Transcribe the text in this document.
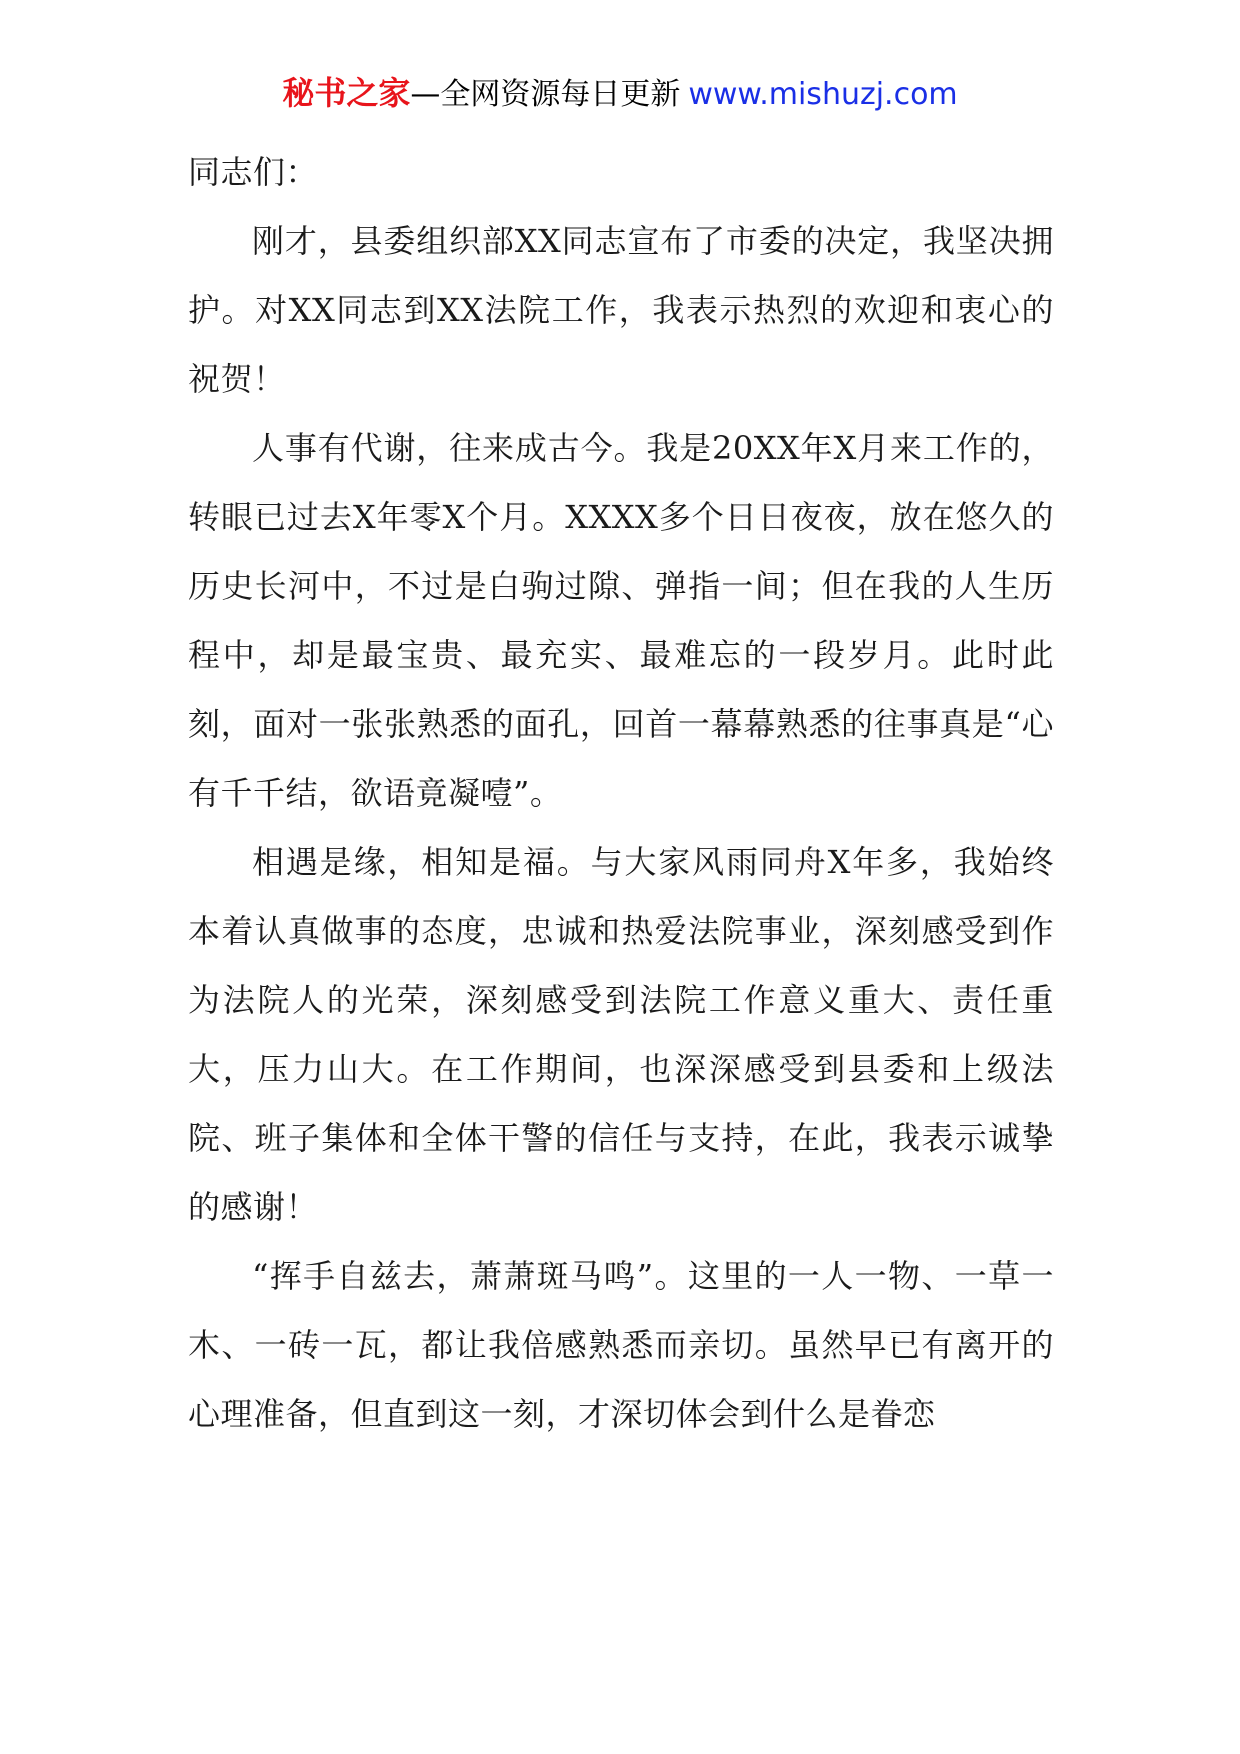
秘书之家—全网资源每日更新 www.mishuzj.com

同志们：

刚才，县委组织部XX同志宣布了市委的决定，我坚决拥护。对XX同志到XX法院工作，我表示热烈的欢迎和衷心的祝贺！

人事有代谢，往来成古今。我是20XX年X月来工作的，转眼已过去X年零X个月。XXXX多个日日夜夜，放在悠久的历史长河中，不过是白驹过隙、弹指一间；但在我的人生历程中，却是最宝贵、最充实、最难忘的一段岁月。此时此刻，面对一张张熟悉的面孔，回首一幕幕熟悉的往事真是“心有千千结，欲语竟凝噎”。

相遇是缘，相知是福。与大家风雨同舟X年多，我始终本着认真做事的态度，忠诚和热爱法院事业，深刻感受到作为法院人的光荣，深刻感受到法院工作意义重大、责任重大，压力山大。在工作期间，也深深感受到县委和上级法院、班子集体和全体干警的信任与支持，在此，我表示诚挚的感谢！

“挥手自兹去，萧萧斑马鸣”。这里的一人一物、一草一木、一砖一瓦，都让我倍感熟悉而亲切。虽然早已有离开的心理准备，但直到这一刻，才深切体会到什么是眷恋
